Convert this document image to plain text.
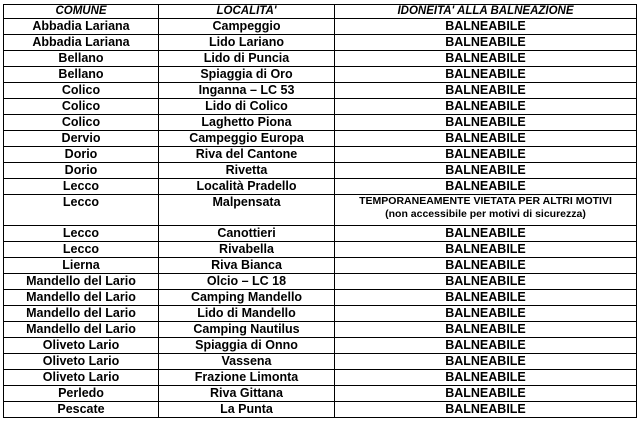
COMUNE	LOCALITA'	IDONEITA' ALLA BALNEAZIONE
Abbadia Lariana	Campeggio	BALNEABILE
Abbadia Lariana	Lido Lariano	BALNEABILE
Bellano	Lido di Puncia	BALNEABILE
Bellano	Spiaggia di Oro	BALNEABILE
Colico	Inganna – LC 53	BALNEABILE
Colico	Lido di Colico	BALNEABILE
Colico	Laghetto Piona	BALNEABILE
Dervio	Campeggio Europa	BALNEABILE
Dorio	Riva del Cantone	BALNEABILE
Dorio	Rivetta	BALNEABILE
Lecco	Località Pradello	BALNEABILE
Lecco	Malpensata	TEMPORANEAMENTE VIETATA PER ALTRI MOTIVI
(non accessibile per motivi di sicurezza)

Lecco	Canottieri	BALNEABILE
Lecco	Rivabella	BALNEABILE
Lierna	Riva Bianca	BALNEABILE
Mandello del Lario	Olcio – LC 18	BALNEABILE
Mandello del Lario	Camping Mandello	BALNEABILE
Mandello del Lario	Lido di Mandello	BALNEABILE
Mandello del Lario	Camping Nautilus	BALNEABILE
Oliveto Lario	Spiaggia di Onno	BALNEABILE
Oliveto Lario	Vassena	BALNEABILE
Oliveto Lario	Frazione Limonta	BALNEABILE
Perledo	Riva Gittana	BALNEABILE
Pescate	La Punta	BALNEABILE
